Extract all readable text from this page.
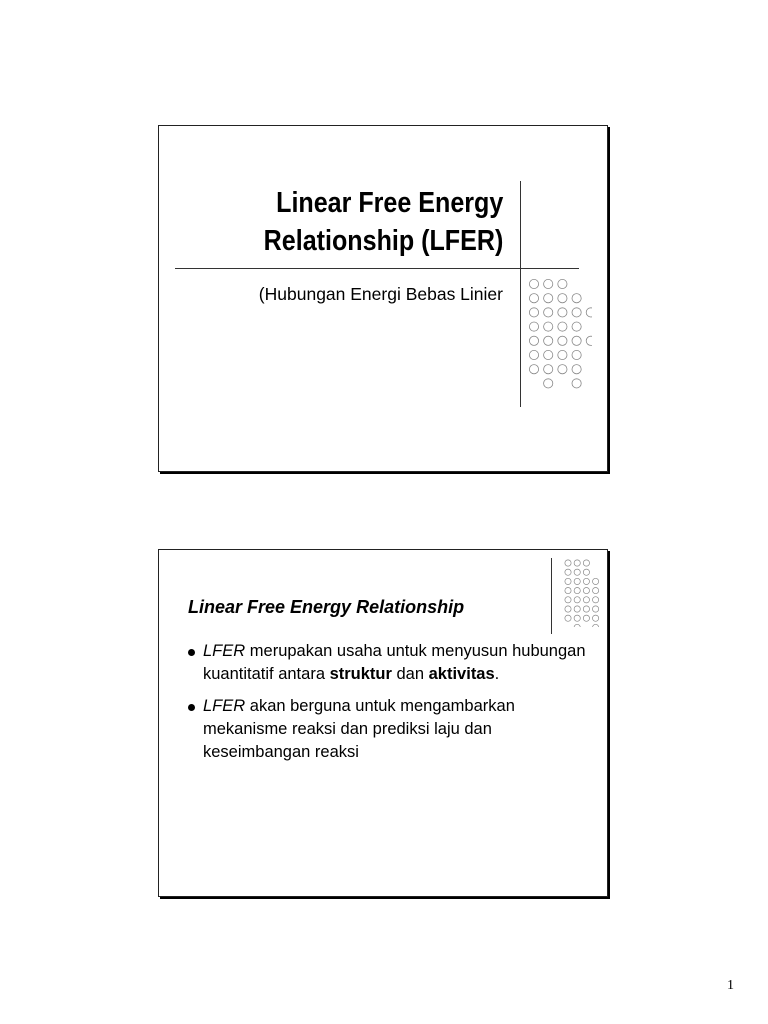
Linear Free Energy
Relationship (LFER)

(Hubungan Energi Bebas Linier

Linear Free Energy Relationship

LFER merupakan usaha untuk menyusun hubungan kuantitatif antara struktur dan aktivitas.
LFER akan berguna untuk mengambarkan mekanisme reaksi dan prediksi laju dan keseimbangan reaksi
1
